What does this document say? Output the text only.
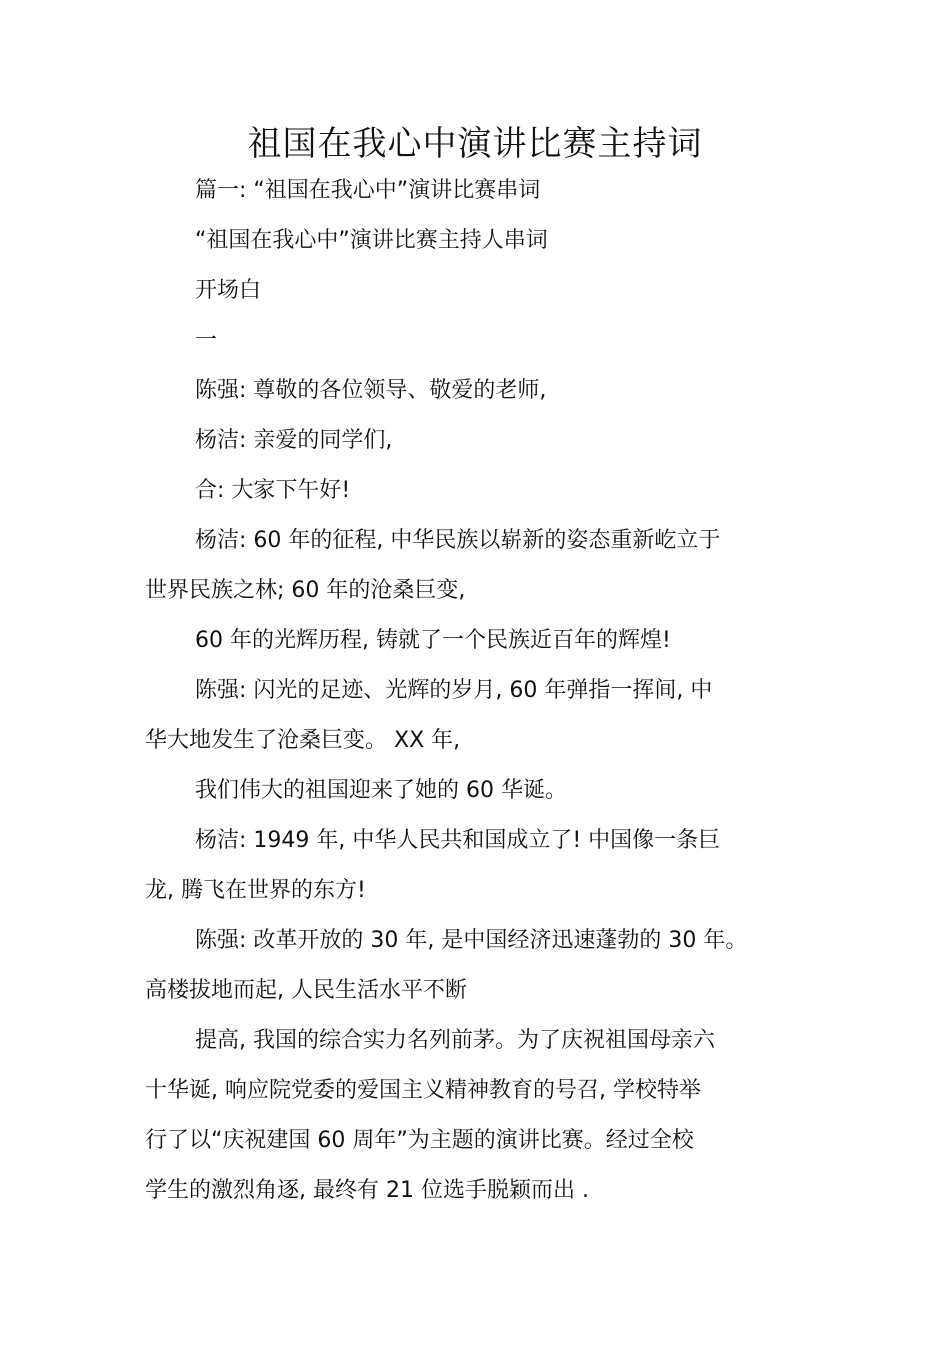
祖国在我心中演讲比赛主持词
篇一: “祖国在我心中”演讲比赛串词
“祖国在我心中”演讲比赛主持人串词
开场白
一
陈强: 尊敬的各位领导、敬爱的老师,
杨洁: 亲爱的同学们,
合: 大家下午好!
杨洁: 60 年的征程, 中华民族以崭新的姿态重新屹立于
世界民族之林; 60 年的沧桑巨变,
60 年的光辉历程, 铸就了一个民族近百年的辉煌!
陈强: 闪光的足迹、光辉的岁月, 60 年弹指一挥间, 中
华大地发生了沧桑巨变。 XX 年,
我们伟大的祖国迎来了她的 60 华诞。
杨洁: 1949 年, 中华人民共和国成立了! 中国像一条巨
龙, 腾飞在世界的东方!
陈强: 改革开放的 30 年, 是中国经济迅速蓬勃的 30 年。
高楼拔地而起, 人民生活水平不断
提高, 我国的综合实力名列前茅。为了庆祝祖国母亲六
十华诞, 响应院党委的爱国主义精神教育的号召, 学校特举
行了以“庆祝建国 60 周年”为主题的演讲比赛。经过全校
学生的激烈角逐, 最终有 21 位选手脱颖而出 .
